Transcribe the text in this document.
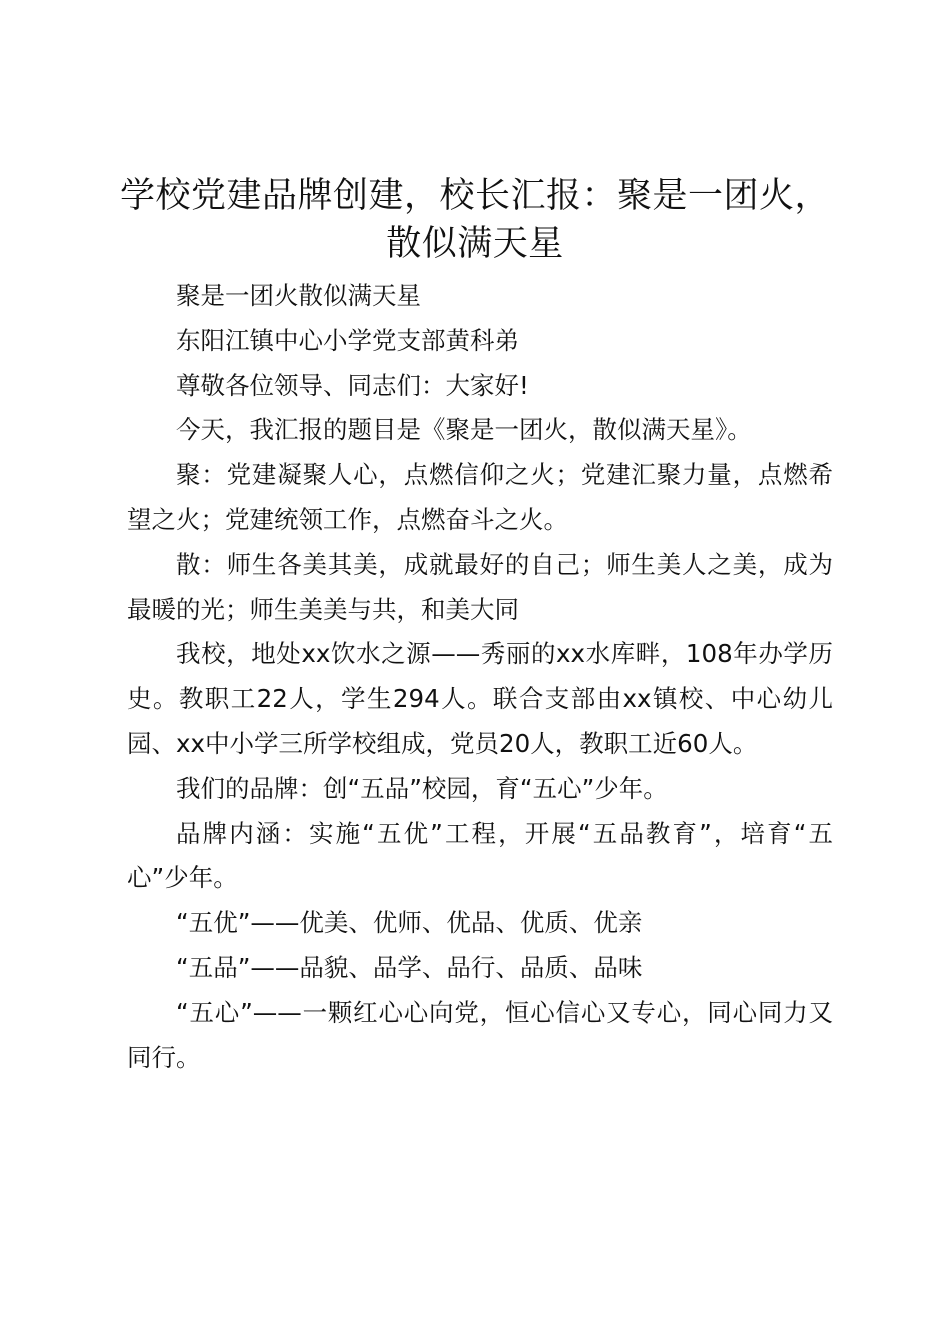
学校党建品牌创建，校长汇报：聚是一团火，
散似满天星

聚是一团火散似满天星

东阳江镇中心小学党支部黄科弟

尊敬各位领导、同志们：大家好!

今天，我汇报的题目是《聚是一团火，散似满天星》。

聚：党建凝聚人心，点燃信仰之火；党建汇聚力量，点燃希望之火；党建统领工作，点燃奋斗之火。

散：师生各美其美，成就最好的自己；师生美人之美，成为最暖的光；师生美美与共，和美大同

我校，地处xx饮水之源——秀丽的xx水库畔，108年办学历史。教职工22人，学生294人。联合支部由xx镇校、中心幼儿园、xx中小学三所学校组成，党员20人，教职工近60人。

我们的品牌：创“五品”校园，育“五心”少年。

品牌内涵：实施“五优”工程，开展“五品教育”，培育“五心”少年。

“五优”——优美、优师、优品、优质、优亲

“五品”——品貌、品学、品行、品质、品味

“五心”——一颗红心心向党，恒心信心又专心，同心同力又同行。
